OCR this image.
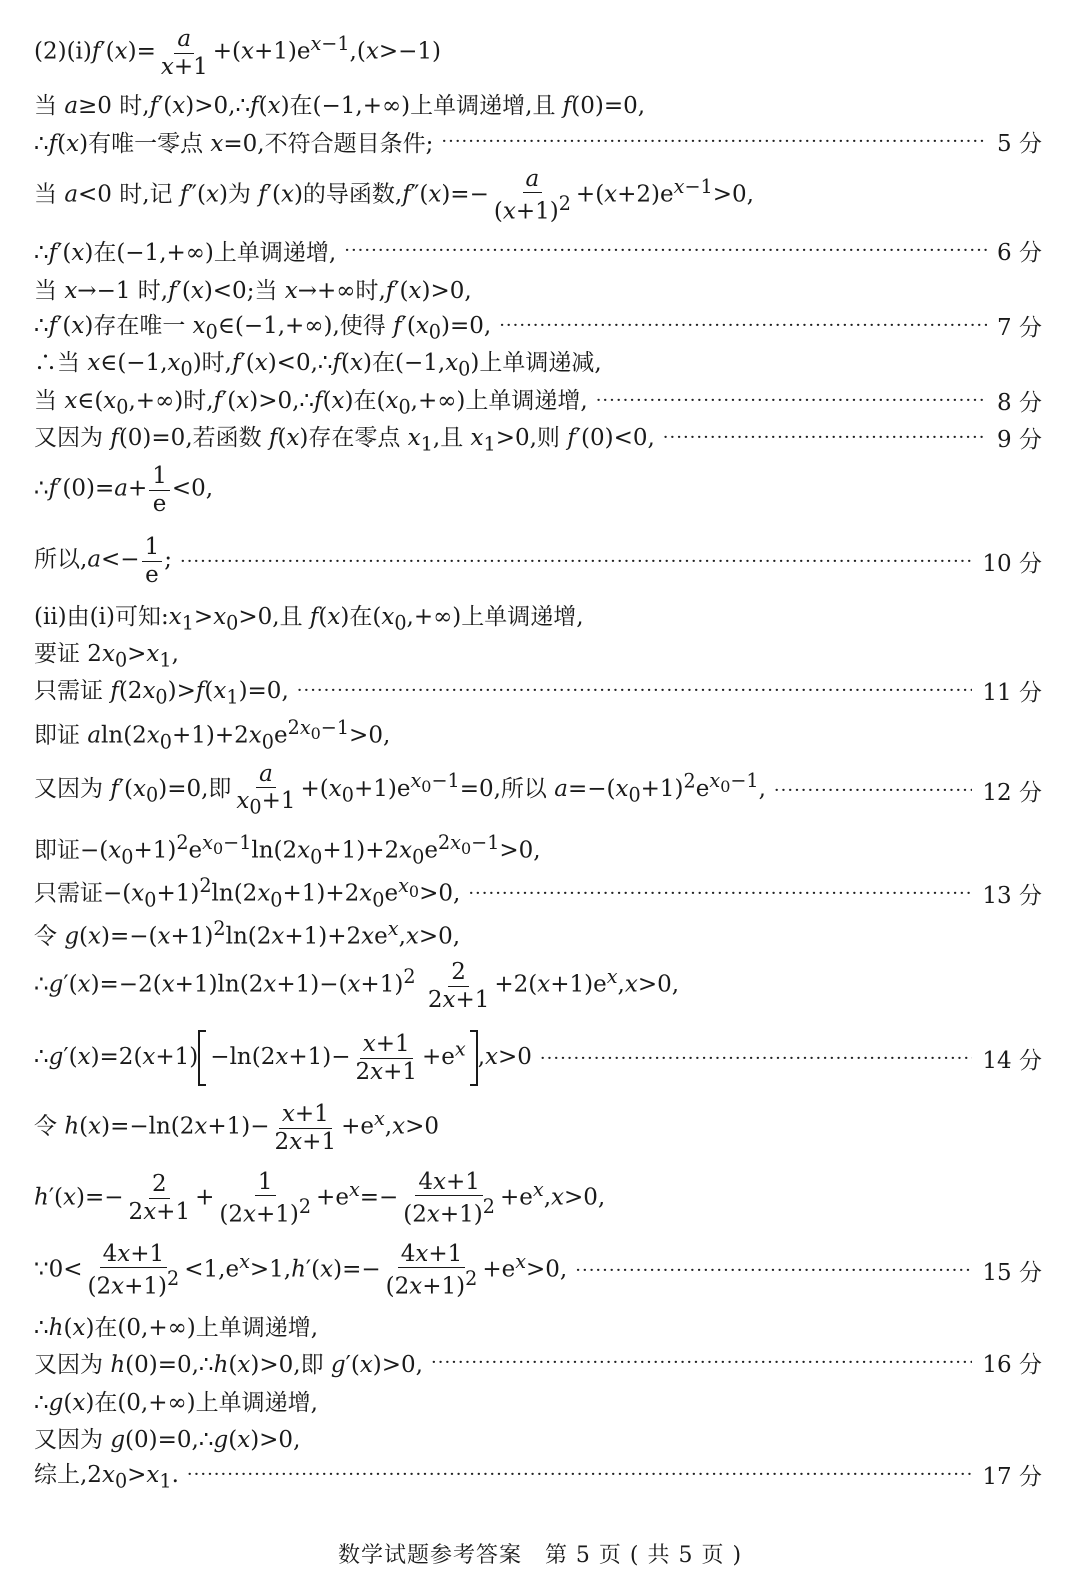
(2)(ⅰ)f′(x)= $\frac{a}{x+1} +(x+1)e^{x-1},(x>-1)$
当 a≥0 时,f′(x)>0,∴f(x)在(−1,+∞)上单调递增,且 f(0)=0,
∴f(x)有唯一零点 x=0,不符合题目条件; ·····	5 分
当 a<0 时,记 f″(x)为 f′(x)的导函数$,f''(x)=- \frac{a}{(x+1)^2} +(x+2)e^{x-1}>0$,
∴f′(x)在(−1,+∞)上单调递增, ·····	6 分
当 x→−1 时,f′(x)<0;当 x→+∞时,f′(x)>0,
∴f′(x)存在唯一 $x_0\in(-1,+\infty)$,使得 $f'(x_0)=0$, ·····	7 分
∴当 $x\in(-1,x_0)$时,f′(x)<0,∴f(x)在$(-1,x_0)$上单调递减,
当 $x\in(x_0,+\infty)$时,f′(x)>0,∴f(x)在$(x_0,+\infty)$上单调递增, ·····	8 分
又因为 f(0)=0,若函数 f(x)存在零点 $x_1$,且 $x_1>0$,则 f′(0)<0, ·····	9 分
∴f′(0)=a+ $\frac{1}{e} <0$,
所以$,a<- \frac{1}{e}$ ; ·····	10 分
(ⅱ)由(ⅰ)可知$:x_1>x_0>0$,且 f(x)在$(x_0,+\infty)$上单调递增,
要证 $2x_0>x_1$,
只需证 $f(2x_0)>f(x_1)=0$, ·····	11 分
即证 $aln(2x_0+1)+2x_0e^{2x_0-1}>0$,
又因为 $f'(x_0)=0$,即 $\frac{a}{x_0+1} +(x_0+1)e^{x_0-1}=0$,所以 $a=-(x_0+1)^2e^{x_0-1}$, ·····	12 分
即证$-(x_0+1)^2e^{x_0-1}\ln(2x_0+1)+2x_0e^{2x_0-1}>0$,
只需证$-(x_0+1)^2\ln(2x_0+1)+2x_0e^{x_0}>0$, ·····	13 分
令 $g(x)=-(x+1)^2\ln(2x+1)+2xe^x,x>0$,
$\therefore g'(x)=-2(x+1)\ln(2x+1)-(x+1)^2 \frac{2}{2x+1} +2(x+1)e^x,x>0$,
∴g′(x)=2(x+1) $-\ln(2x+1)- \frac{x+1}{2x+1} +e^x$ ,x>0 ·····	14 分
令 $h(x)=-\ln(2x+1)- \frac{x+1}{2x+1} +e^x,x>0$
$h'(x)=- \frac{2}{2x+1} + \frac{1}{(2x+1)^2} +e^x=- \frac{4x+1}{(2x+1)^2} +e^x,x>0$,
∵0< $\frac{4x+1}{(2x+1)^2} <1,e^x>1,h'(x)=- \frac{4x+1}{(2x+1)^2} +e^x>0$, ·····	15 分
∴h(x)在(0,+∞)上单调递增,
又因为 h(0)=0,∴h(x)>0,即 g′(x)>0, ·····	16 分
∴g(x)在(0,+∞)上单调递增,
又因为 g(0)=0,∴g(x)>0,
综上$,2x_0>x_1$. ·····	17 分
数学试题参考答案　第 5 页 ( 共 5 页 )
